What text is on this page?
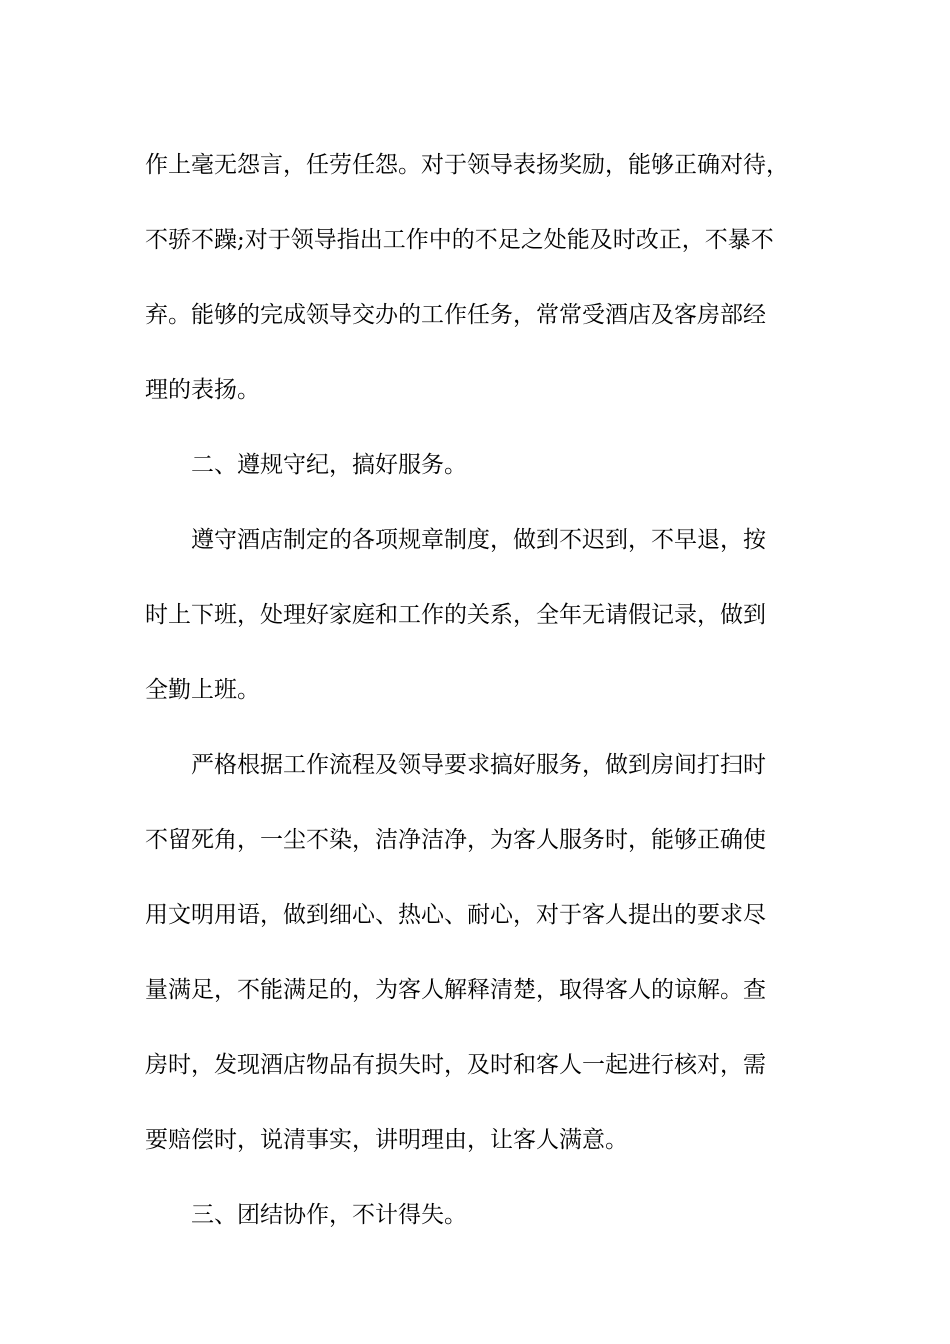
作上毫无怨言，任劳任怨。对于领导表扬奖励，能够正确对待，
不骄不躁;对于领导指出工作中的不足之处能及时改正，不暴不
弃。能够的完成领导交办的工作任务，常常受酒店及客房部经
理的表扬。
二、遵规守纪，搞好服务。
遵守酒店制定的各项规章制度，做到不迟到，不早退，按
时上下班，处理好家庭和工作的关系，全年无请假记录，做到
全勤上班。
严格根据工作流程及领导要求搞好服务，做到房间打扫时
不留死角，一尘不染，洁净洁净，为客人服务时，能够正确使
用文明用语，做到细心、热心、耐心，对于客人提出的要求尽
量满足，不能满足的，为客人解释清楚，取得客人的谅解。查
房时，发现酒店物品有损失时，及时和客人一起进行核对，需
要赔偿时，说清事实，讲明理由，让客人满意。
三、团结协作，不计得失。
